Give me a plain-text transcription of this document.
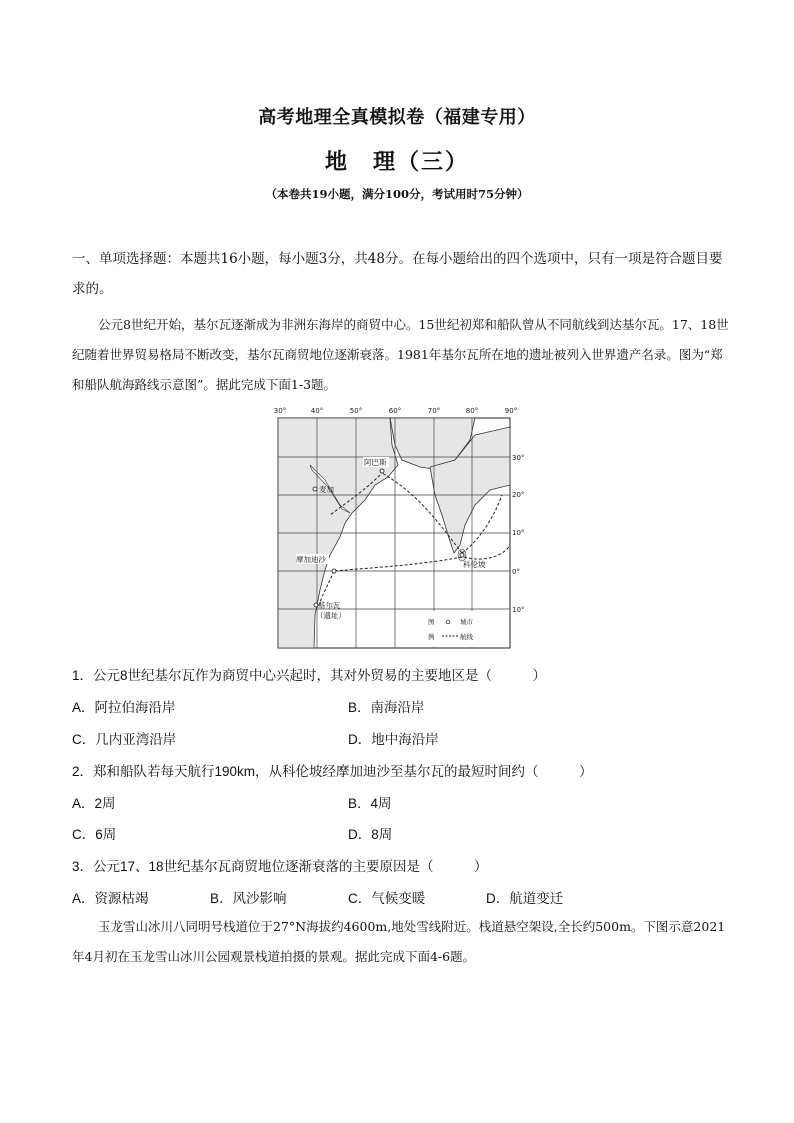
高考地理全真模拟卷（福建专用）
地　理（三）
（本卷共19小题，满分100分，考试用时75分钟）
一、单项选择题：本题共16小题，每小题3分，共48分。在每小题给出的四个选项中，只有一项是符合题目要求的。
公元8世纪开始，基尔瓦逐渐成为非洲东海岸的商贸中心。15世纪初郑和船队曾从不同航线到达基尔瓦。17、18世纪随着世界贸易格局不断改变，基尔瓦商贸地位逐渐衰落。1981年基尔瓦所在地的遗址被列入世界遗产名录。图为“郑和船队航海路线示意图”。据此完成下面1-3题。
30°	40°	50°	60°	70°	80°	90°
30°
20°
10°
0°
10°
阿巴斯
麦加
摩加迪沙
科伦坡
基尔瓦
（遗址）
图
例
城市
航线
1．公元8世纪基尔瓦作为商贸中心兴起时，其对外贸易的主要地区是（　　　）
A．阿拉伯海沿岸	B．南海沿岸
C．几内亚湾沿岸	D．地中海沿岸
2．郑和船队若每天航行190km，从科伦坡经摩加迪沙至基尔瓦的最短时间约（　　　）
A．2周	B．4周
C．6周	D．8周
3．公元17、18世纪基尔瓦商贸地位逐渐衰落的主要原因是（　　　）
A．资源枯竭	B．风沙影响	C．气候变暖	D．航道变迁
玉龙雪山冰川八同明号栈道位于27°N海拔约4600m,地处雪线附近。栈道悬空架设,全长约500m。下图示意2021年4月初在玉龙雪山冰川公园观景栈道拍摄的景观。据此完成下面4-6题。
